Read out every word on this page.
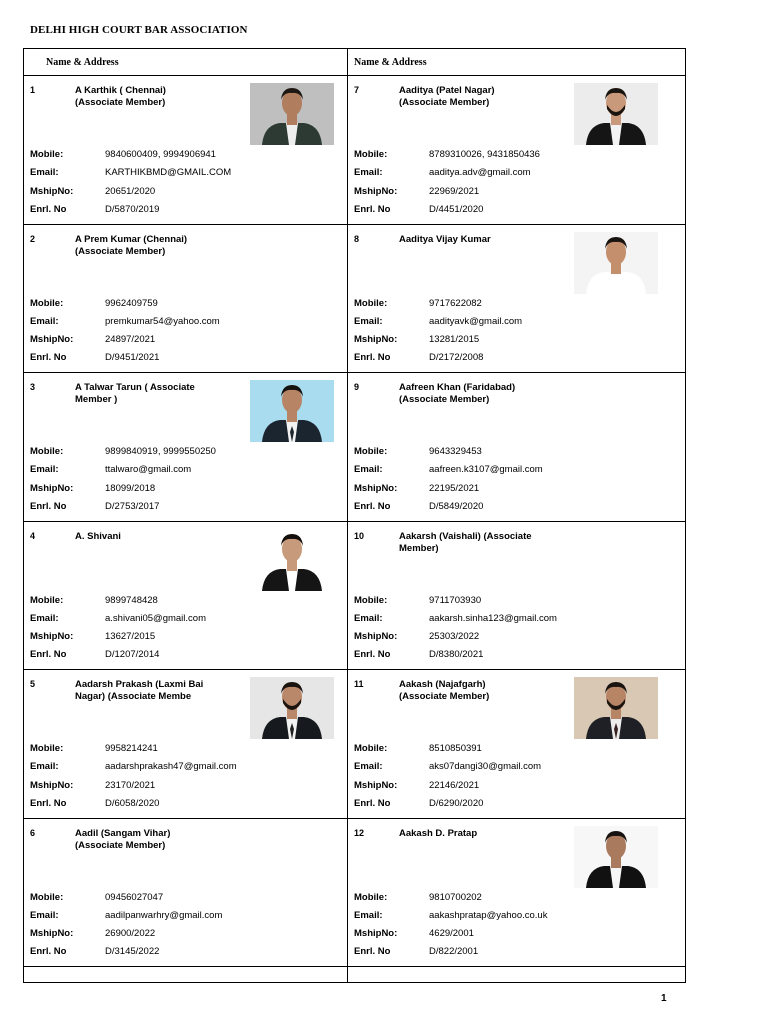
DELHI HIGH COURT BAR ASSOCIATION
Name & Address	Name & Address
1	A Karthik ( Chennai)
(Associate Member)
Mobile:	9840600409, 9994906941
Email:	KARTHIKBMD@GMAIL.COM
MshipNo:	20651/2020
Enrl. No	D/5870/2019
7	Aaditya (Patel Nagar)
(Associate Member)
Mobile:	8789310026, 9431850436
Email:	aaditya.adv@gmail.com
MshipNo:	22969/2021
Enrl. No	D/4451/2020
2	A Prem Kumar (Chennai)
(Associate Member)
Mobile:	9962409759
Email:	premkumar54@yahoo.com
MshipNo:	24897/2021
Enrl. No	D/9451/2021
8	Aaditya Vijay Kumar
Mobile:	9717622082
Email:	aadityavk@gmail.com
MshipNo:	13281/2015
Enrl. No	D/2172/2008
3	A Talwar Tarun ( Associate
Member )
Mobile:	9899840919, 9999550250
Email:	ttalwaro@gmail.com
MshipNo:	18099/2018
Enrl. No	D/2753/2017
9	Aafreen Khan (Faridabad)
(Associate Member)
Mobile:	9643329453
Email:	aafreen.k3107@gmail.com
MshipNo:	22195/2021
Enrl. No	D/5849/2020
4	A. Shivani
Mobile:	9899748428
Email:	a.shivani05@gmail.com
MshipNo:	13627/2015
Enrl. No	D/1207/2014
10	Aakarsh (Vaishali) (Associate
Member)
Mobile:	9711703930
Email:	aakarsh.sinha123@gmail.com
MshipNo:	25303/2022
Enrl. No	D/8380/2021
5	Aadarsh Prakash (Laxmi Bai
Nagar) (Associate Membe
Mobile:	9958214241
Email:	aadarshprakash47@gmail.com
MshipNo:	23170/2021
Enrl. No	D/6058/2020
11	Aakash (Najafgarh)
(Associate Member)
Mobile:	8510850391
Email:	aks07dangi30@gmail.com
MshipNo:	22146/2021
Enrl. No	D/6290/2020
6	Aadil (Sangam Vihar)
(Associate Member)
Mobile:	09456027047
Email:	aadilpanwarhry@gmail.com
MshipNo:	26900/2022
Enrl. No	D/3145/2022
12	Aakash D. Pratap
Mobile:	9810700202
Email:	aakashpratap@yahoo.co.uk
MshipNo:	4629/2001
Enrl. No	D/822/2001
1
